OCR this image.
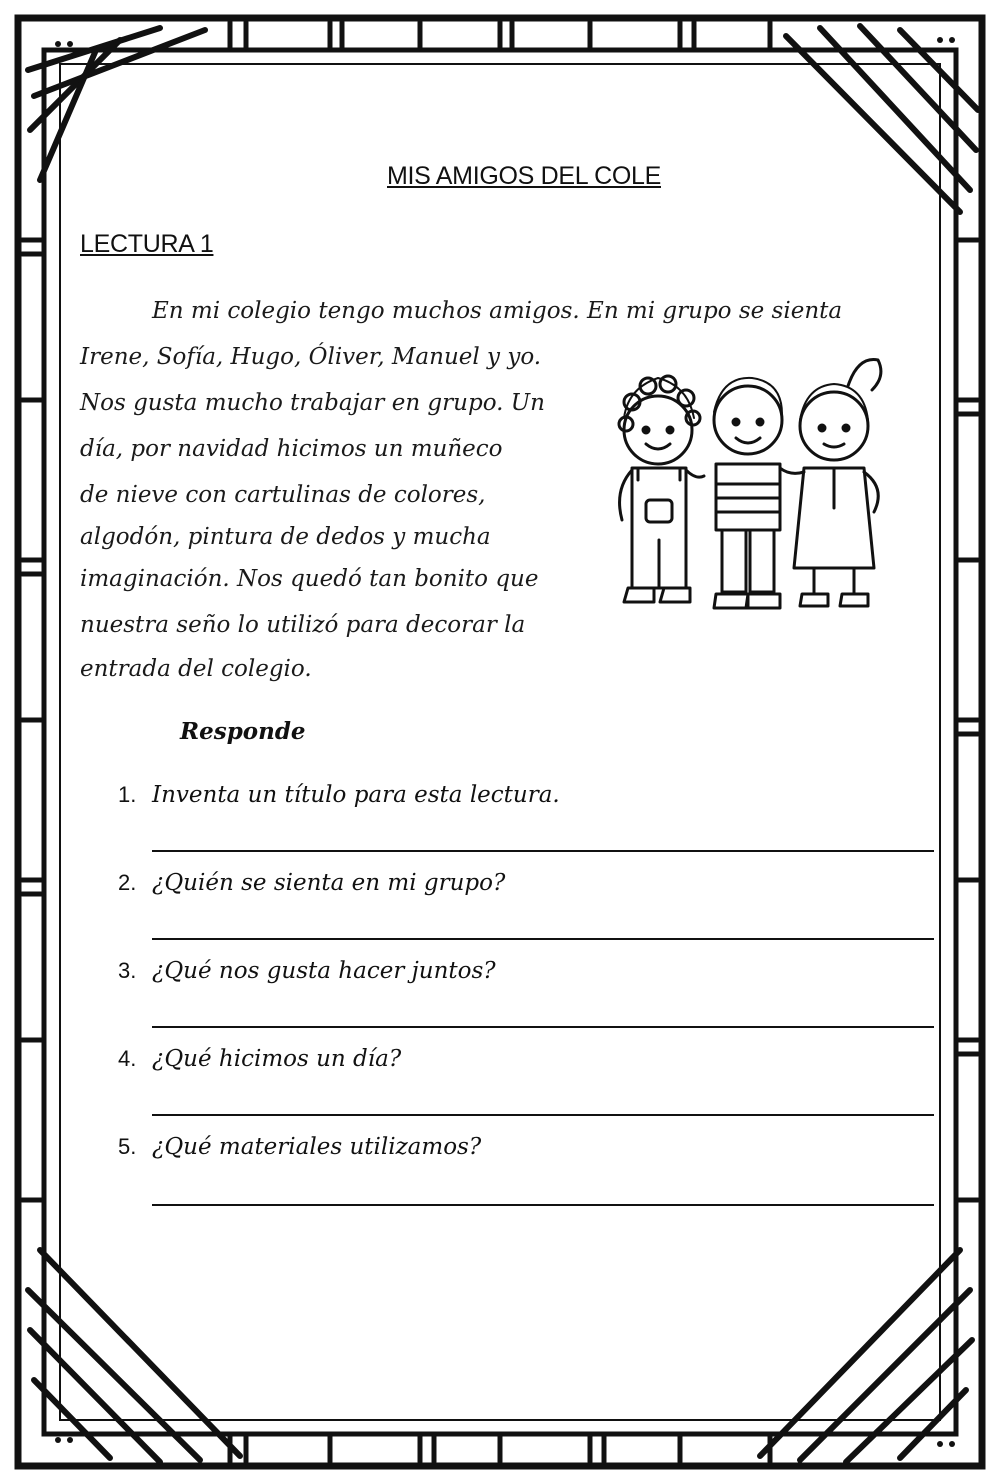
MIS AMIGOS DEL COLE
LECTURA 1
En mi colegio tengo muchos amigos. En mi grupo se sienta
Irene, Sofía, Hugo, Óliver, Manuel y yo.
Nos gusta mucho trabajar en grupo. Un
día, por navidad hicimos un muñeco
de nieve con cartulinas de colores,
algodón, pintura de dedos y mucha
imaginación. Nos quedó tan bonito que
nuestra seño lo utilizó para decorar la
entrada del colegio.
Responde
1. Inventa un título para esta lectura.
2. ¿Quién se sienta en mi grupo?
3. ¿Qué nos gusta hacer juntos?
4. ¿Qué hicimos un día?
5. ¿Qué materiales utilizamos?
